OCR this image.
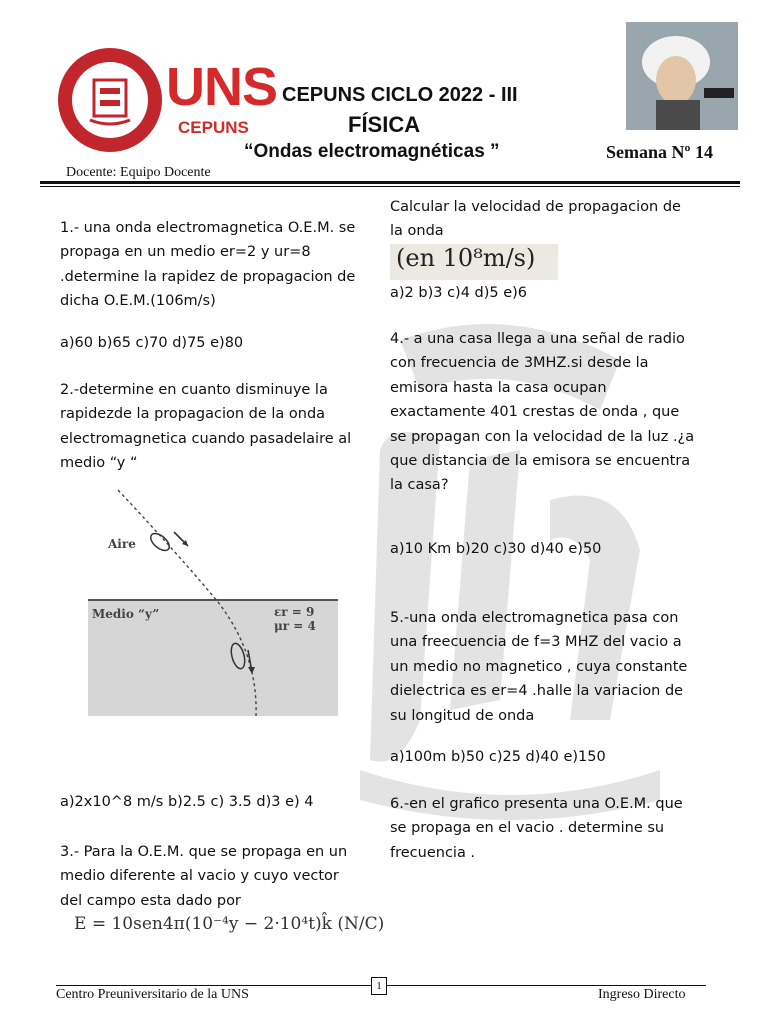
UNS
CEPUNS
CEPUNS CICLO 2022 - III
FÍSICA
“Ondas electromagnéticas ”	Semana Nº 14
Docente: Equipo Docente
1.- una onda electromagnetica O.E.M. se
propaga en un medio er=2 y ur=8
.determine la rapidez de propagacion de
dicha O.E.M.(106m/s)
a)60 b)65 c)70 d)75 e)80
2.-determine en cuanto disminuye la
rapidezde la propagacion de la onda
electromagnetica cuando pasadelaire al
medio “y “
Aire
Medio “y”	εr = 9
μr = 4
a)2x10^8 m/s b)2.5 c) 3.5 d)3 e) 4
3.- Para la O.E.M. que se propaga en un
medio diferente al vacio y cuyo vector
del campo esta dado por
E = 10sen4π(10⁻⁴y − 2·10⁴t)k̂ (N/C)
Calcular la velocidad de propagacion de
la onda
(en 10⁸m/s)
a)2 b)3 c)4 d)5 e)6
4.- a una casa llega a una señal de radio
con frecuencia de 3MHZ.si desde la
emisora hasta la casa ocupan
exactamente 401 crestas de onda , que
se propagan con la velocidad de la luz .¿a
que distancia de la emisora se encuentra
la casa?
a)10 Km b)20 c)30 d)40 e)50
5.-una onda electromagnetica pasa con
una freecuencia de f=3 MHZ del vacio a
un medio no magnetico , cuya constante
dielectrica es er=4 .halle la variacion de
su longitud de onda
a)100m b)50 c)25 d)40 e)150
6.-en el grafico presenta una O.E.M. que
se propaga en el vacio . determine su
frecuencia .
1
Centro Preuniversitario de la UNS	Ingreso Directo
